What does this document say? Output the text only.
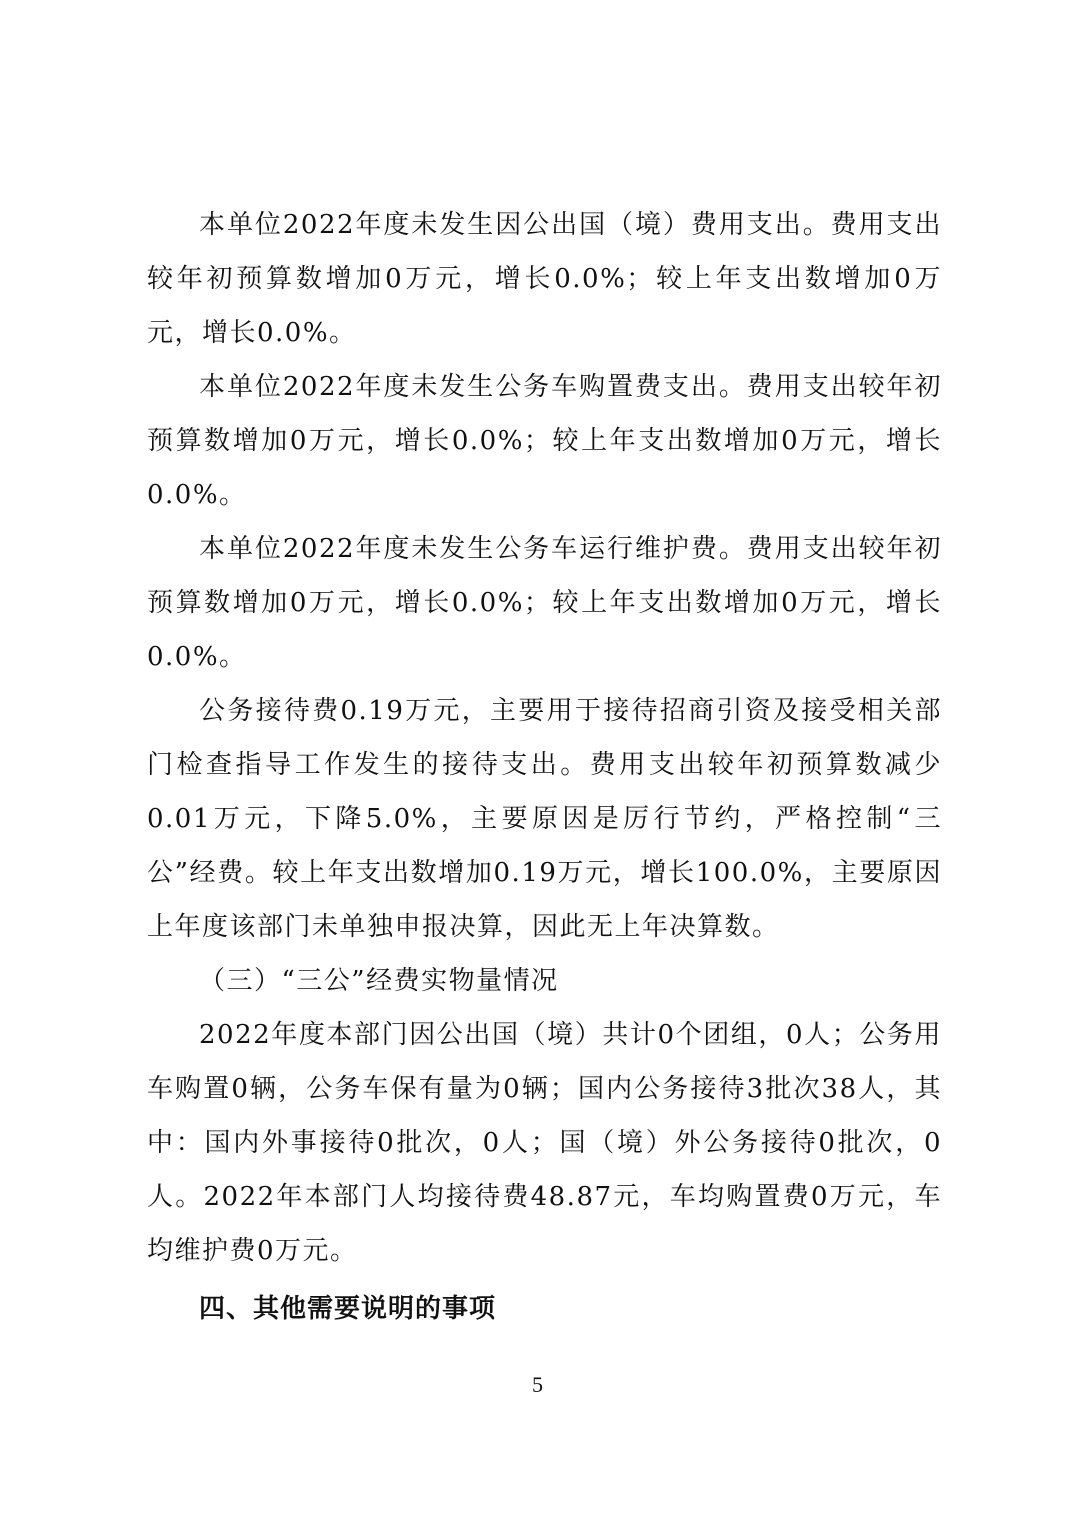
本单位2022年度未发生因公出国（境）费用支出。费用支出较年初预算数增加0万元，增长0.0%；较上年支出数增加0万元，增长0.0%。

本单位2022年度未发生公务车购置费支出。费用支出较年初预算数增加0万元，增长0.0%；较上年支出数增加0万元，增长0.0%。

本单位2022年度未发生公务车运行维护费。费用支出较年初预算数增加0万元，增长0.0%；较上年支出数增加0万元，增长0.0%。

公务接待费0.19万元，主要用于接待招商引资及接受相关部门检查指导工作发生的接待支出。费用支出较年初预算数减少0.01万元，下降5.0%，主要原因是厉行节约，严格控制“三公”经费。较上年支出数增加0.19万元，增长100.0%，主要原因上年度该部门未单独申报决算，因此无上年决算数。

（三）“三公”经费实物量情况

2022年度本部门因公出国（境）共计0个团组，0人；公务用车购置0辆，公务车保有量为0辆；国内公务接待3批次38人，其中：国内外事接待0批次，0人；国（境）外公务接待0批次，0人。2022年本部门人均接待费48.87元，车均购置费0万元，车均维护费0万元。

四、其他需要说明的事项

5
